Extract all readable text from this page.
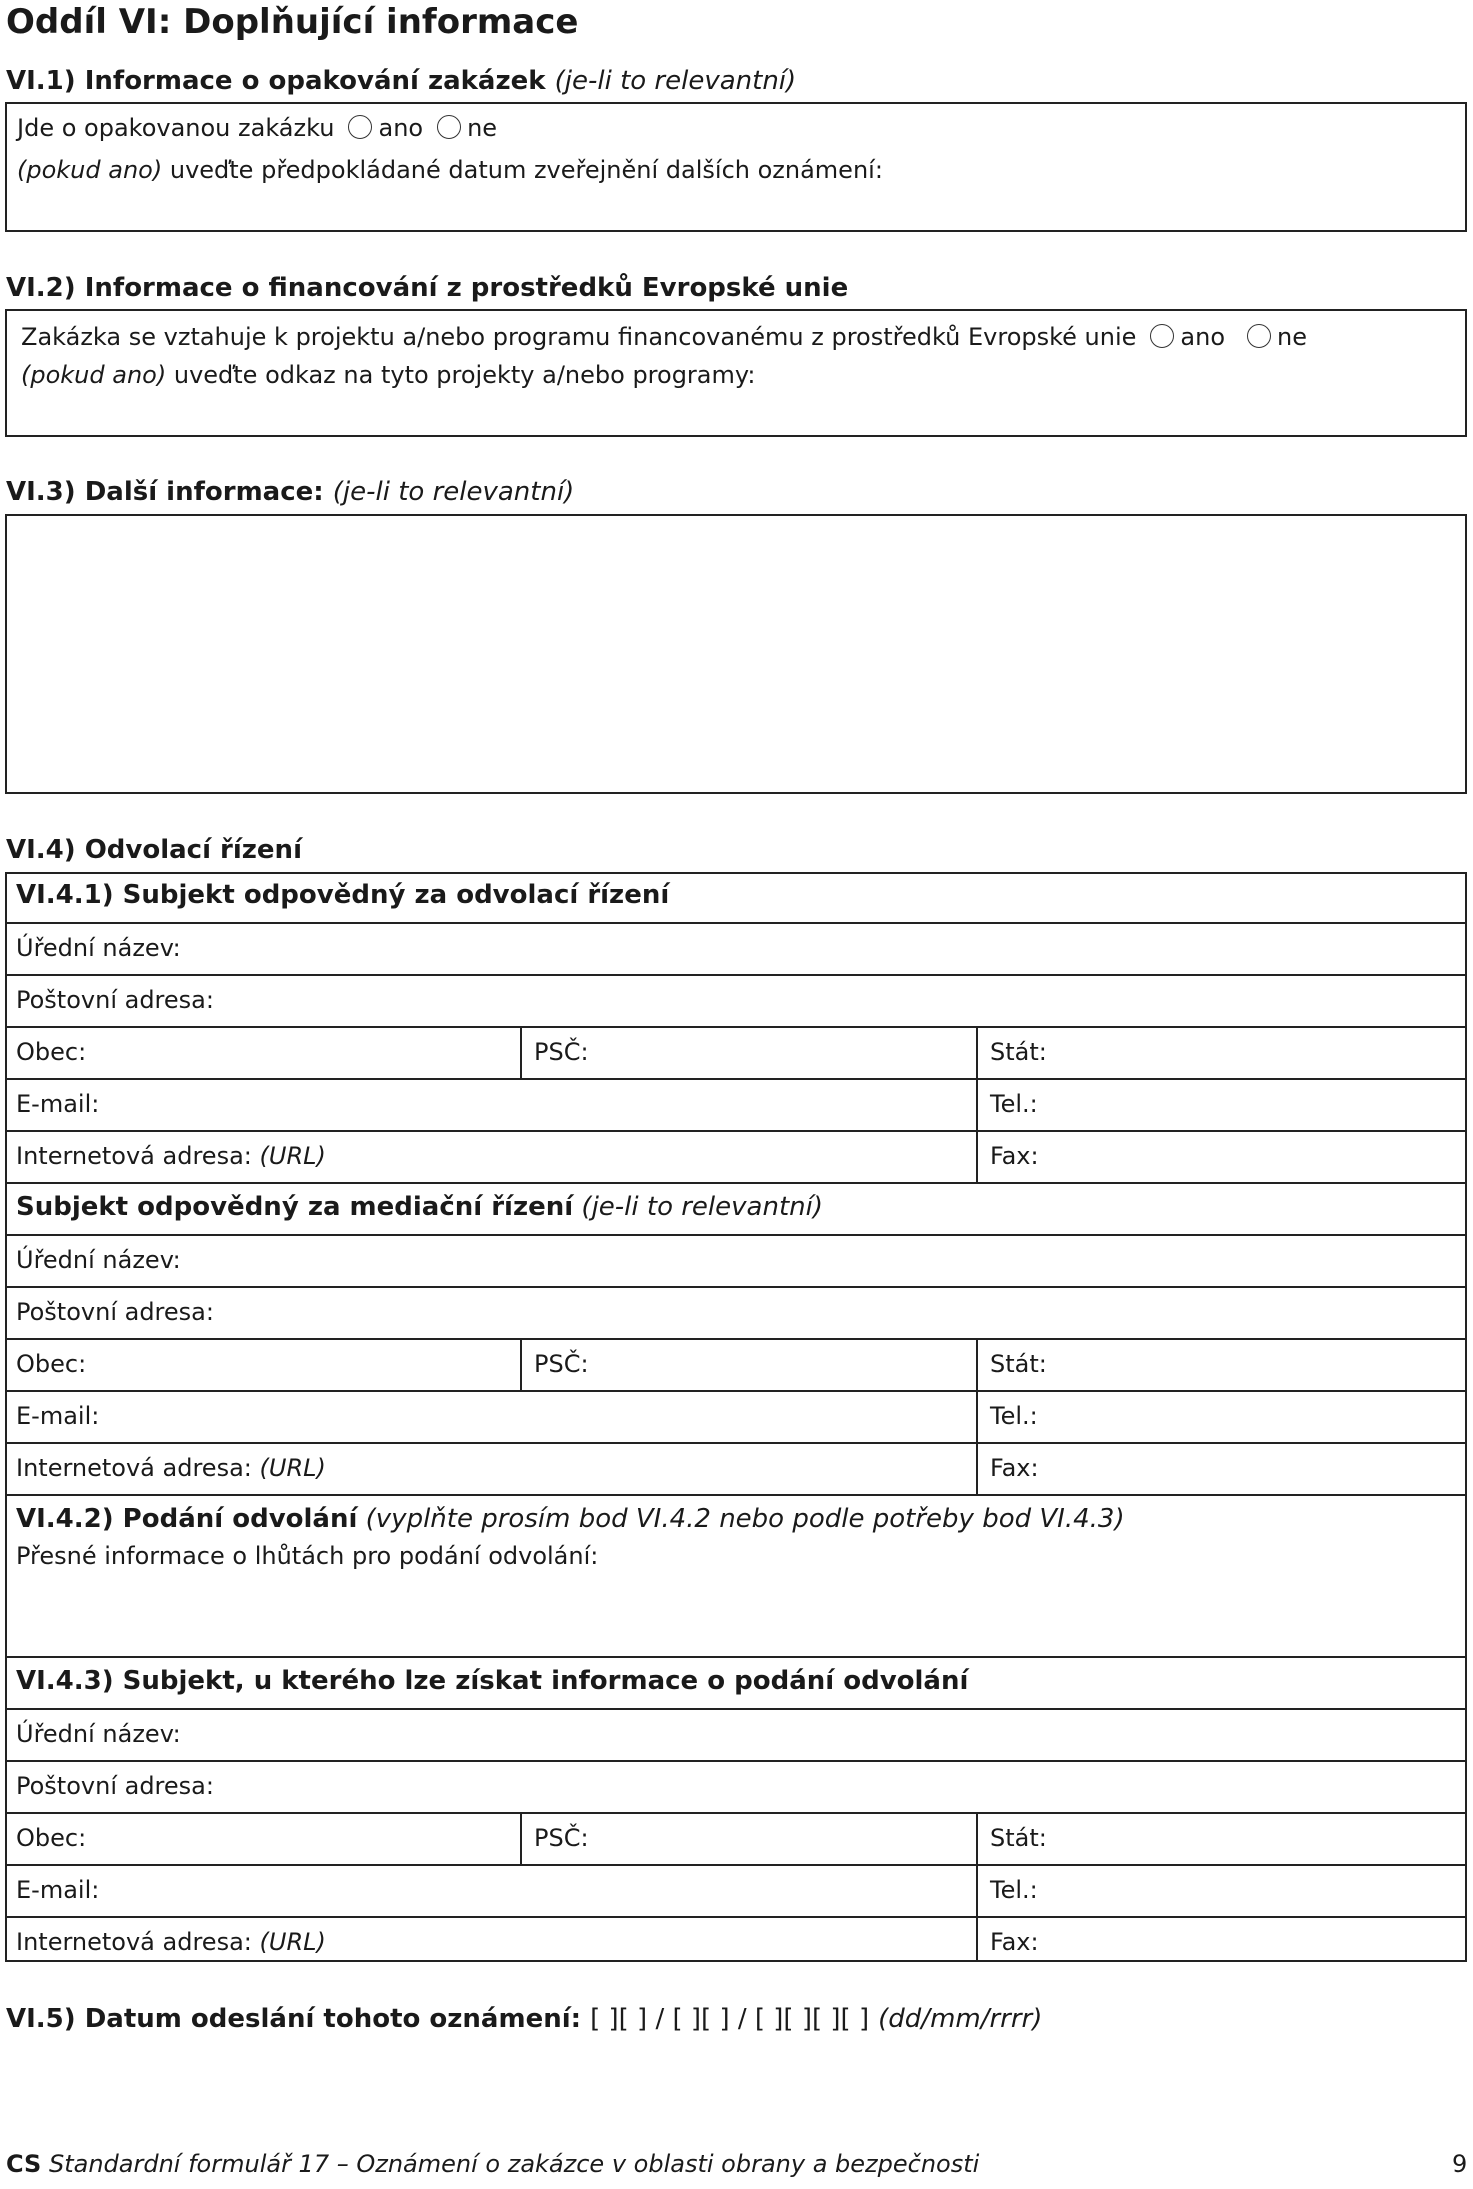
Oddíl VI: Doplňující informace
VI.1) Informace o opakování zakázek (je-li to relevantní)
Jde o opakovanou zakázku ano ne
(pokud ano) uveďte předpokládané datum zveřejnění dalších oznámení:
VI.2) Informace o financování z prostředků Evropské unie
Zakázka se vztahuje k projektu a/nebo programu financovanému z prostředků Evropské unie ano ne
(pokud ano) uveďte odkaz na tyto projekty a/nebo programy:
VI.3) Další informace: (je-li to relevantní)
VI.4) Odvolací řízení
VI.4.1) Subjekt odpovědný za odvolací řízení
Úřední název:
Poštovní adresa:
Obec:	PSČ:	Stát:
E-mail:	Tel.:
Internetová adresa: (URL)	Fax:
Subjekt odpovědný za mediační řízení (je-li to relevantní)
Úřední název:
Poštovní adresa:
Obec:	PSČ:	Stát:
E-mail:	Tel.:
Internetová adresa: (URL)	Fax:
VI.4.2) Podání odvolání (vyplňte prosím bod VI.4.2 nebo podle potřeby bod VI.4.3)
Přesné informace o lhůtách pro podání odvolání:
VI.4.3) Subjekt, u kterého lze získat informace o podání odvolání
Úřední název:
Poštovní adresa:
Obec:	PSČ:	Stát:
E-mail:	Tel.:
Internetová adresa: (URL)	Fax:
VI.5) Datum odeslání tohoto oznámení: [ ][ ] / [ ][ ] / [ ][ ][ ][ ] (dd/mm/rrrr)
CS Standardní formulář 17 – Oznámení o zakázce v oblasti obrany a bezpečnosti	9
